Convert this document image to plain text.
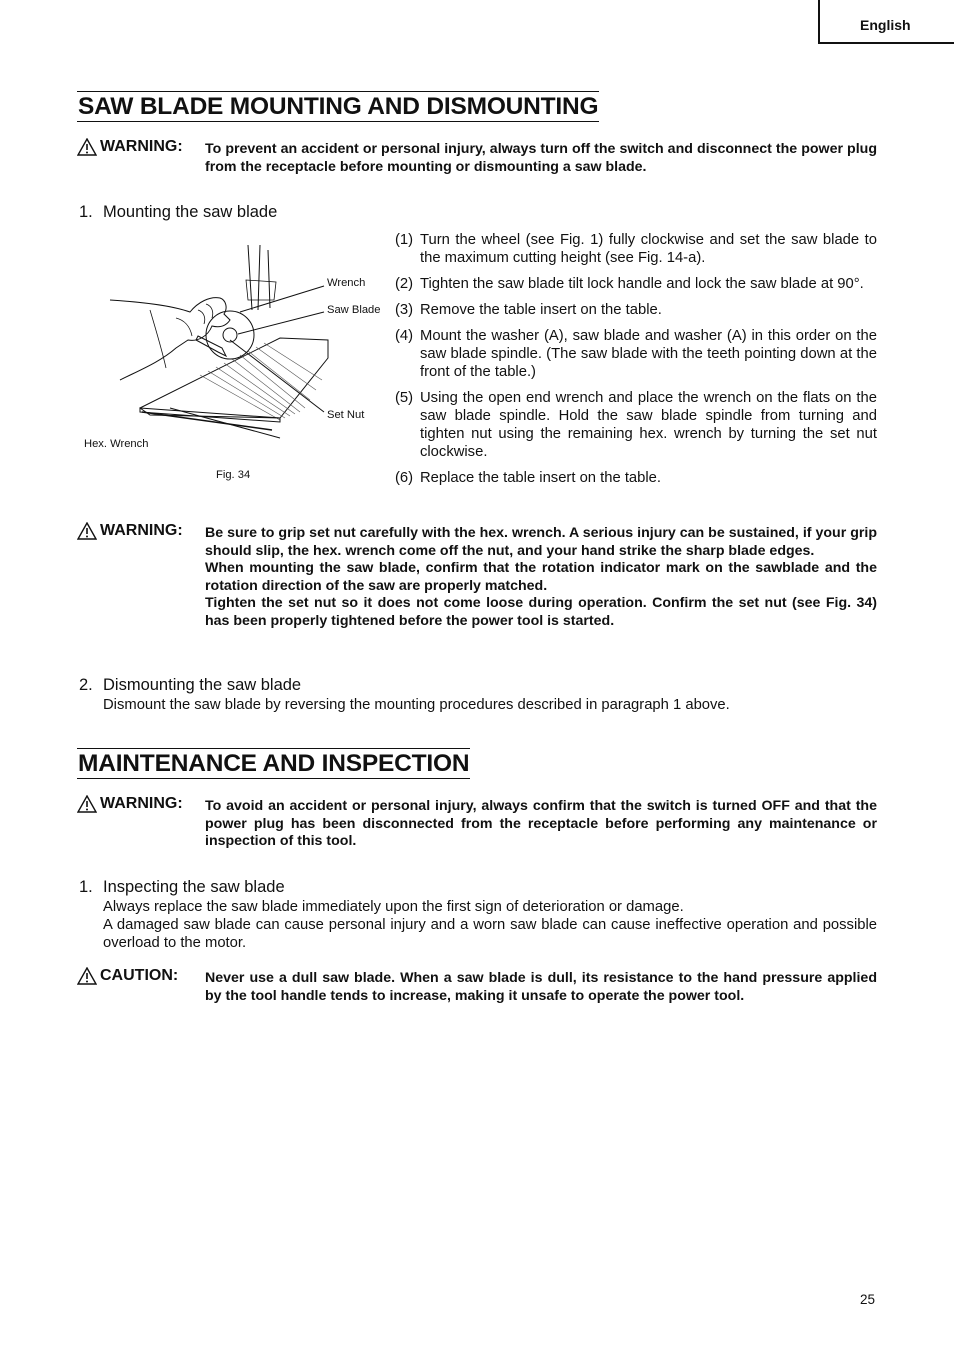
English
SAW BLADE MOUNTING AND DISMOUNTING
WARNING: To prevent an accident or personal injury, always turn off the switch and disconnect the power plug from the receptacle before mounting or dismounting a saw blade.

1. Mounting the saw blade
Wrench
Saw Blade
Set Nut
Hex. Wrench
Fig. 34
(1) Turn the wheel (see Fig. 1) fully clockwise and set the saw blade to the maximum cutting height (see Fig. 14-a).
(2) Tighten the saw blade tilt lock handle and lock the saw blade at 90°.
(3) Remove the table insert on the table.
(4) Mount the washer (A), saw blade and washer (A) in this order on the saw blade spindle. (The saw blade with the teeth pointing down at the front of the table.)
(5) Using the open end wrench and place the wrench on the flats on the saw blade spindle. Hold the saw blade spindle from turning and tighten nut using the remaining hex. wrench by turning the set nut clockwise.
(6) Replace the table insert on the table.
WARNING: Be sure to grip set nut carefully with the hex. wrench. A serious injury can be sustained, if your grip should slip, the hex. wrench come off the nut, and your hand strike the sharp blade edges.

When mounting the saw blade, confirm that the rotation indicator mark on the sawblade and the rotation direction of the saw are properly matched.

Tighten the set nut so it does not come loose during operation. Confirm the set nut (see Fig. 34) has been properly tightened before the power tool is started.

2. Dismounting the saw blade

Dismount the saw blade by reversing the mounting procedures described in paragraph 1 above.

MAINTENANCE AND INSPECTION
WARNING: To avoid an accident or personal injury, always confirm that the switch is turned OFF and that the power plug has been disconnected from the receptacle before performing any maintenance or inspection of this tool.

1. Inspecting the saw blade

Always replace the saw blade immediately upon the first sign of deterioration or damage.

A damaged saw blade can cause personal injury and a worn saw blade can cause ineffective operation and possible overload to the motor.

CAUTION: Never use a dull saw blade. When a saw blade is dull, its resistance to the hand pressure applied by the tool handle tends to increase, making it unsafe to operate the power tool.

25
